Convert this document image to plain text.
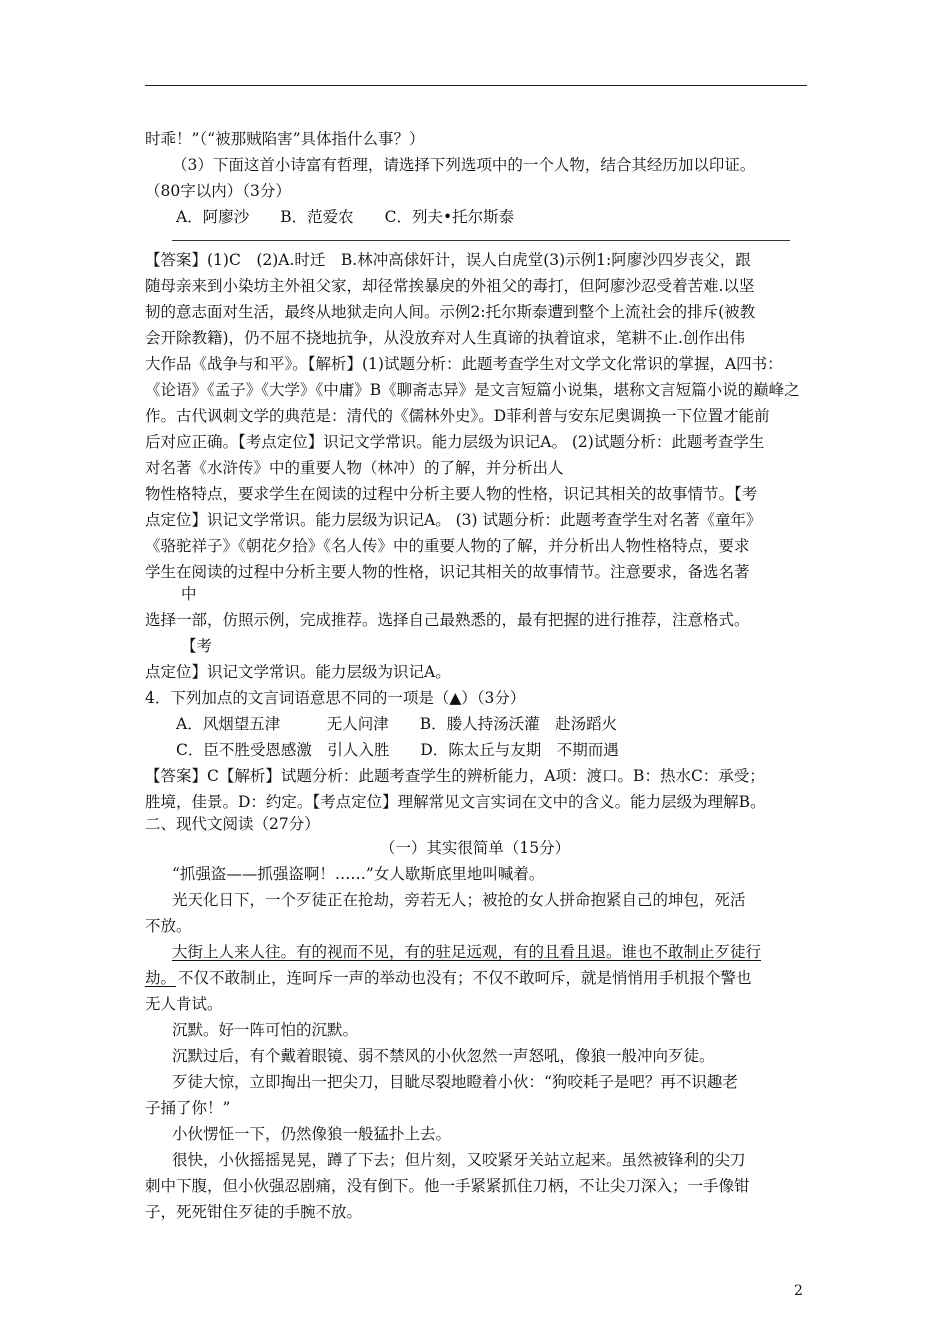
时乖！”（“被那贼陷害”具体指什么事？）
（3）下面这首小诗富有哲理，请选择下列选项中的一个人物，结合其经历加以印证。
（80字以内）（3分）
A．阿廖沙　　B．范爱农　　C．列夫•托尔斯泰
【答案】(1)C　(2)A.时迁　B.林冲高俅奸计，误人白虎堂(3)示例1:阿廖沙四岁丧父，跟
随母亲来到小染坊主外祖父家，却径常挨暴戾的外祖父的毒打，但阿廖沙忍受着苦难.以坚
韧的意志面对生活，最终从地狱走向人间。示例2:托尔斯泰遭到整个上流社会的排斥(被教
会开除教籍)，仍不屈不挠地抗争，从没放弃对人生真谛的执着谊求，笔耕不止.创作出伟
大作品《战争与和平》。【解析】(1)试题分析：此题考查学生对文学文化常识的掌握，A四书：
《论语》《孟子》《大学》《中庸》B《聊斋志异》是文言短篇小说集，堪称文言短篇小说的巅峰之
作。古代讽刺文学的典范是：清代的《儒林外史》。D菲利普与安东尼奥调换一下位置才能前
后对应正确。【考点定位】识记文学常识。能力层级为识记A。 (2)试题分析：此题考查学生
对名著《水浒传》中的重要人物（林冲）的了解，并分析出人
物性格特点，要求学生在阅读的过程中分析主要人物的性格，识记其相关的故事情节。【考
点定位】识记文学常识。能力层级为识记A。 (3) 试题分析：此题考查学生对名著《童年》
《骆驼祥子》《朝花夕拾》《名人传》中的重要人物的了解，并分析出人物性格特点，要求
学生在阅读的过程中分析主要人物的性格，识记其相关的故事情节。注意要求，备选名著
中
选择一部，仿照示例，完成推荐。选择自己最熟悉的，最有把握的进行推荐，注意格式。
【考
点定位】识记文学常识。能力层级为识记A。
4．下列加点的文言词语意思不同的一项是（▲）（3分）
A．风烟望五津　　　无人问津　　B．媵人持汤沃灌　赴汤蹈火
C．臣不胜受恩感激　引人入胜　　D．陈太丘与友期　不期而遇
【答案】C【解析】试题分析：此题考查学生的辨析能力，A项：渡口。B：热水C：承受；
胜境，佳景。D：约定。【考点定位】理解常见文言实词在文中的含义。能力层级为理解B。
二、现代文阅读（27分）
（一）其实很简单（15分）
“抓强盗——抓强盗啊！……”女人歇斯底里地叫喊着。
光天化日下，一个歹徒正在抢劫，旁若无人；被抢的女人拼命抱紧自己的坤包，死活
不放。
大街上人来人往。有的视而不见，有的驻足远观，有的且看且退。谁也不敢制止歹徒行
劫。 不仅不敢制止，连呵斥一声的举动也没有；不仅不敢呵斥，就是悄悄用手机报个警也
无人肯试。
沉默。好一阵可怕的沉默。
沉默过后，有个戴着眼镜、弱不禁风的小伙忽然一声怒吼，像狼一般冲向歹徒。
歹徒大惊，立即掏出一把尖刀，目眦尽裂地瞪着小伙：“狗咬耗子是吧？再不识趣老
子捅了你！”
小伙愣怔一下，仍然像狼一般猛扑上去。
很快，小伙摇摇晃晃，蹲了下去；但片刻，又咬紧牙关站立起来。虽然被锋利的尖刀
刺中下腹，但小伙强忍剧痛，没有倒下。他一手紧紧抓住刀柄，不让尖刀深入；一手像钳
子，死死钳住歹徒的手腕不放。
2
